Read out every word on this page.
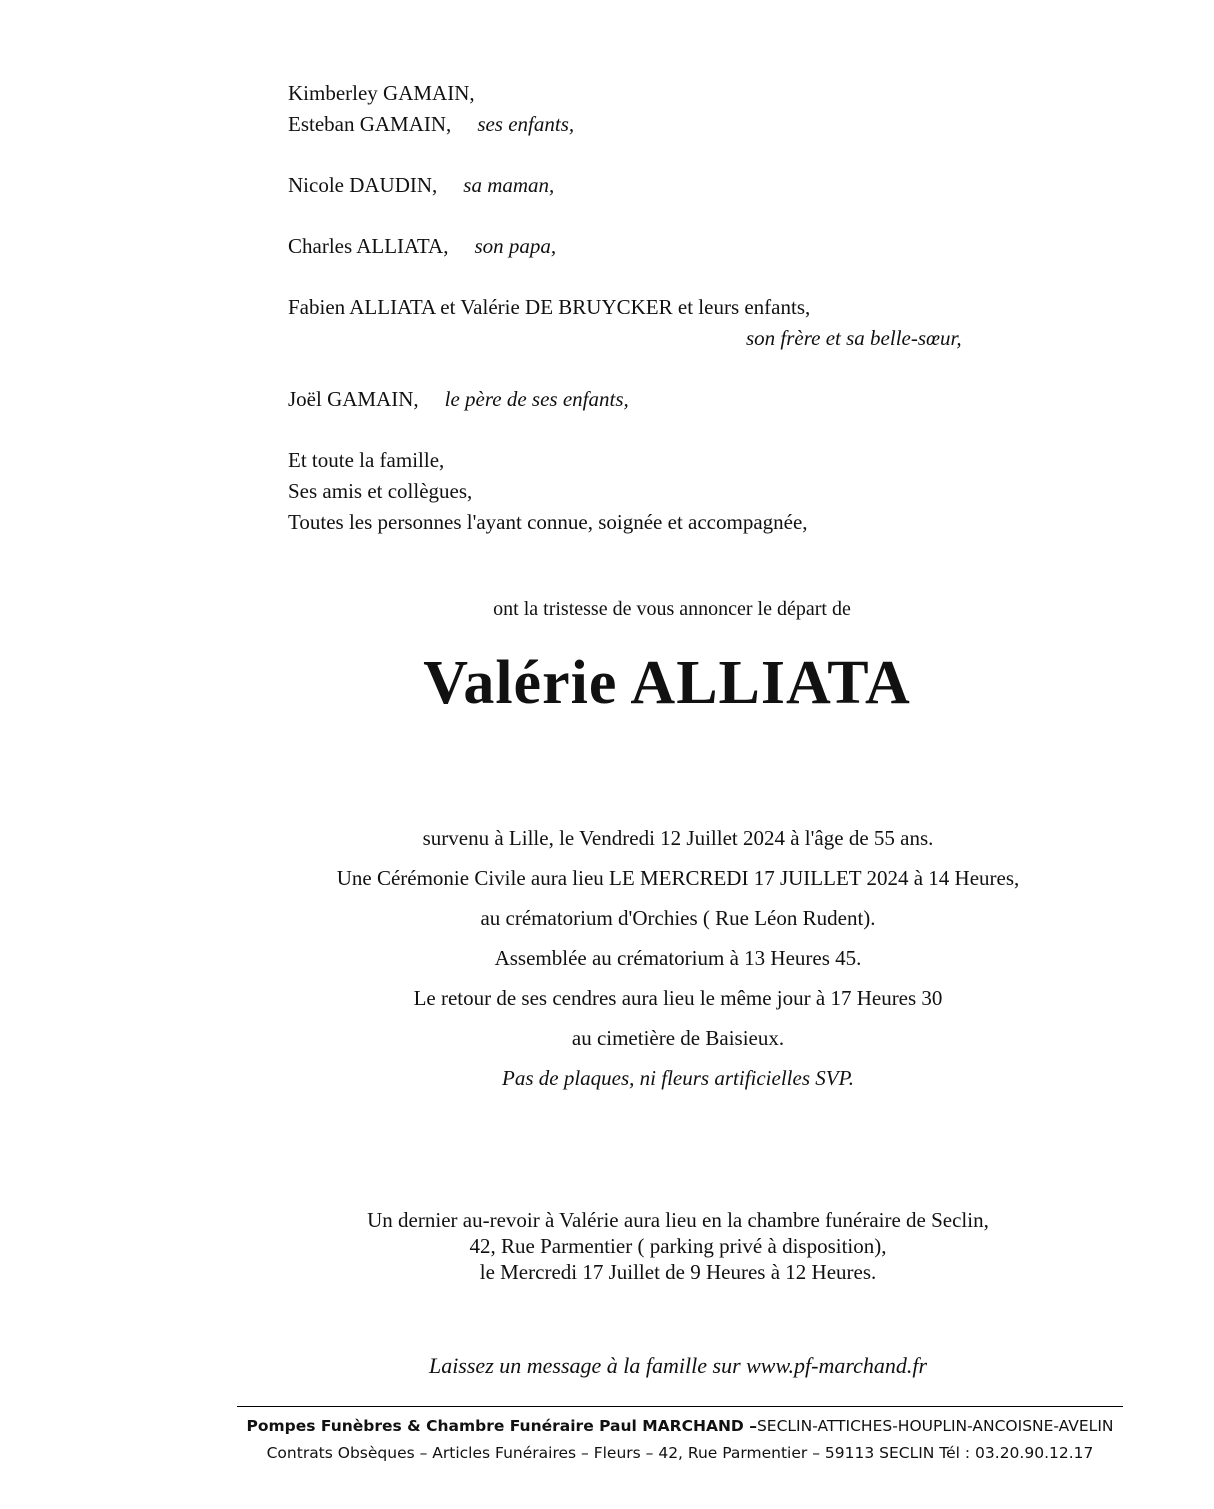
Kimberley GAMAIN,
Esteban GAMAIN, ses enfants,
Nicole DAUDIN, sa maman,
Charles ALLIATA, son papa,
Fabien ALLIATA et Valérie DE BRUYCKER et leurs enfants,
son frère et sa belle-sœur,
Joël GAMAIN, le père de ses enfants,
Et toute la famille,
Ses amis et collègues,
Toutes les personnes l'ayant connue, soignée et accompagnée,
ont la tristesse de vous annoncer le départ de
Valérie ALLIATA
survenu à Lille, le Vendredi 12 Juillet 2024 à l'âge de 55 ans.
Une Cérémonie Civile aura lieu LE MERCREDI 17 JUILLET 2024 à 14 Heures,
au crématorium d'Orchies ( Rue Léon Rudent).
Assemblée au crématorium à 13 Heures 45.
Le retour de ses cendres aura lieu le même jour à 17 Heures 30
au cimetière de Baisieux.
Pas de plaques, ni fleurs artificielles SVP.
Un dernier au-revoir à Valérie aura lieu en la chambre funéraire de Seclin,
42, Rue Parmentier ( parking privé à disposition),
le Mercredi 17 Juillet de 9 Heures à 12 Heures.
Laissez un message à la famille sur www.pf-marchand.fr
Pompes Funèbres & Chambre Funéraire Paul MARCHAND –SECLIN-ATTICHES-HOUPLIN-ANCOISNE-AVELIN
Contrats Obsèques – Articles Funéraires – Fleurs – 42, Rue Parmentier – 59113 SECLIN Tél : 03.20.90.12.17
